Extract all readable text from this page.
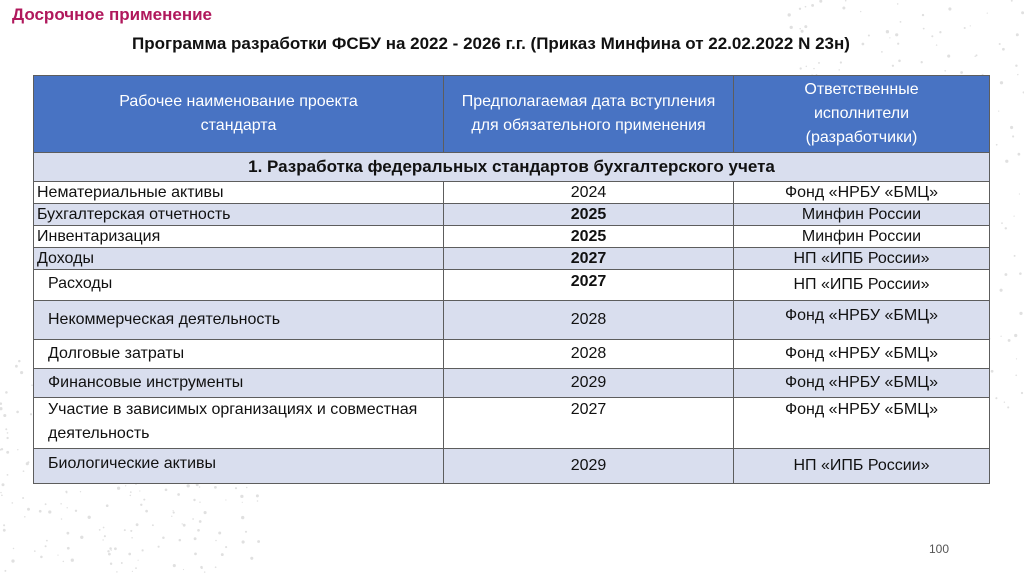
Досрочное применение
Программа разработки ФСБУ на 2022 - 2026 г.г. (Приказ Минфина от 22.02.2022 N 23н)
Рабочее наименование проекта стандарта	Предполагаемая дата вступления для обязательного применения	Ответственные исполнители (разработчики)
1. Разработка федеральных стандартов бухгалтерского учета		
Нематериальные активы	2024	Фонд «НРБУ «БМЦ»
Бухгалтерская отчетность	2025	Минфин России
Инвентаризация	2025	Минфин России
Доходы	2027	НП «ИПБ России»
Расходы	2027	НП «ИПБ России»
Некоммерческая деятельность	2028	Фонд «НРБУ «БМЦ»
Долговые затраты	2028	Фонд «НРБУ «БМЦ»
Финансовые инструменты	2029	Фонд «НРБУ «БМЦ»
Участие в зависимых организациях и совместная деятельность	2027	Фонд «НРБУ «БМЦ»
Биологические активы	2029	НП «ИПБ России»
100
